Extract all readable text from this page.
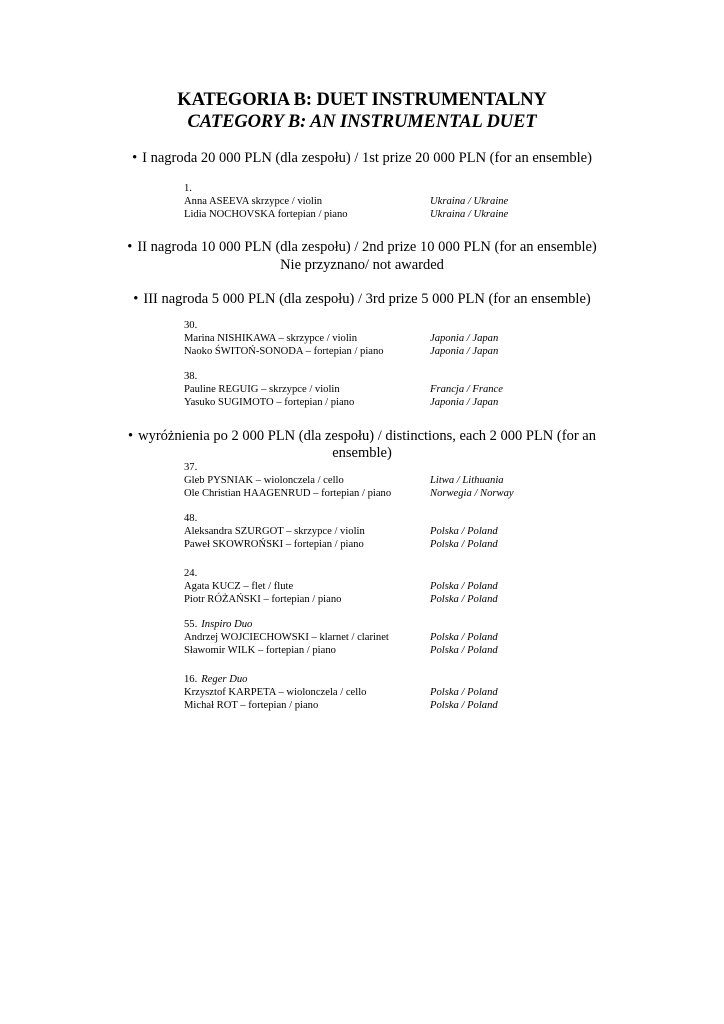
KATEGORIA B: DUET INSTRUMENTALNY
CATEGORY B: AN INSTRUMENTAL DUET
• I nagroda 20 000 PLN (dla zespołu) / 1st prize 20 000 PLN (for an ensemble)
1.
Anna ASEEVA skrzypce / violin	Ukraina / Ukraine
Lidia NOCHOVSKA fortepian / piano	Ukraina / Ukraine
• II nagroda 10 000 PLN (dla zespołu) / 2nd prize 10 000 PLN (for an ensemble)
Nie przyznano/ not awarded
• III nagroda 5 000 PLN (dla zespołu) / 3rd prize 5 000 PLN (for an ensemble)
30.
Marina NISHIKAWA – skrzypce / violin	Japonia / Japan
Naoko ŚWITOŃ-SONODA – fortepian / piano	Japonia / Japan
38.
Pauline REGUIG – skrzypce / violin	Francja / France
Yasuko SUGIMOTO – fortepian / piano	Japonia / Japan
• wyróżnienia po 2 000 PLN (dla zespołu) / distinctions, each 2 000 PLN (for an
ensemble)
37.
Gleb PYSNIAK – wiolonczela / cello	Litwa / Lithuania
Ole Christian HAAGENRUD – fortepian / piano	Norwegia / Norway
48.
Aleksandra SZURGOT – skrzypce / violin	Polska / Poland
Paweł SKOWROŃSKI – fortepian / piano	Polska / Poland
24.
Agata KUCZ – flet / flute	Polska / Poland
Piotr RÓŻAŃSKI – fortepian / piano	Polska / Poland
55. Inspiro Duo
Andrzej WOJCIECHOWSKI – klarnet / clarinet	Polska / Poland
Sławomir WILK – fortepian / piano	Polska / Poland
16. Reger Duo
Krzysztof KARPETA – wiolonczela / cello	Polska / Poland
Michał ROT – fortepian / piano	Polska / Poland
